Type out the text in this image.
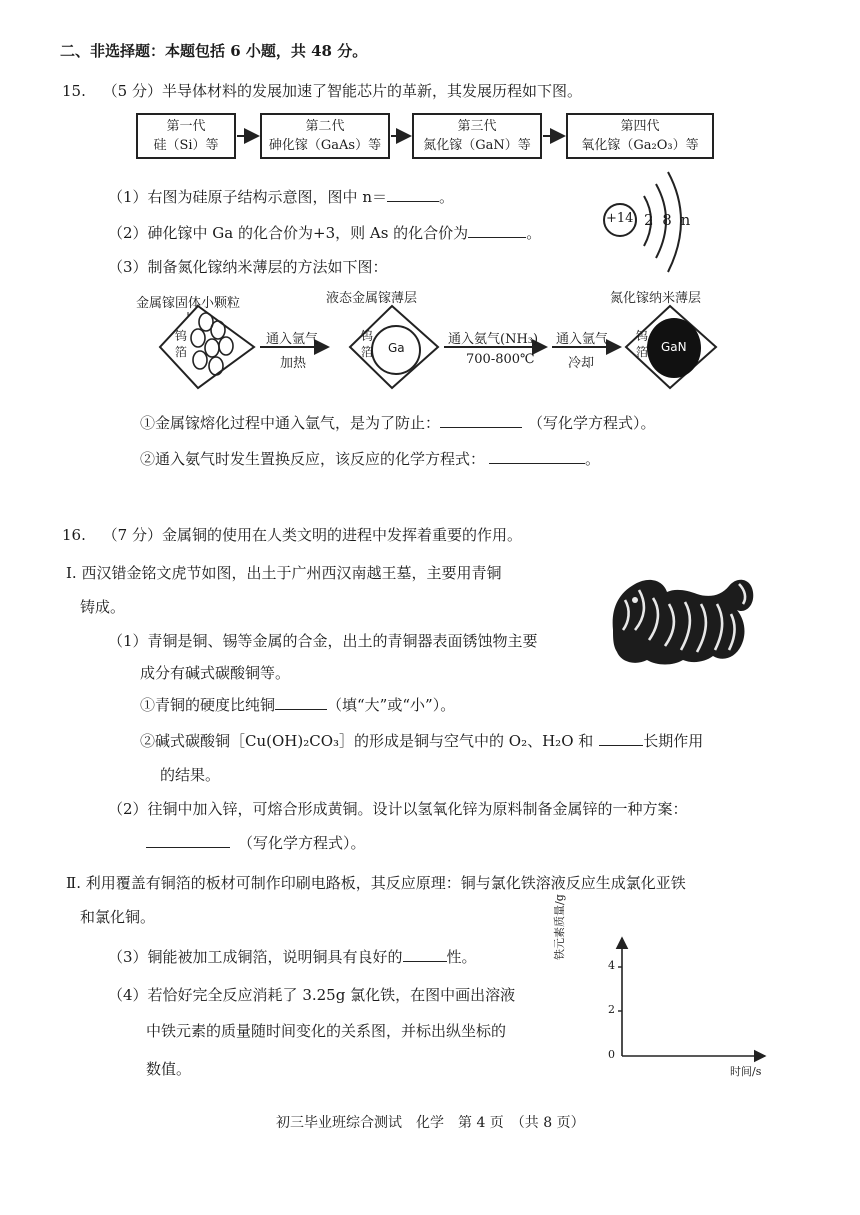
二、非选择题：本题包括 6 小题，共 48 分。
15. （5 分）半导体材料的发展加速了智能芯片的革新，其发展历程如下图。
第一代
硅（Si）等
第二代
砷化镓（GaAs）等
第三代
氮化镓（GaN）等
第四代
氧化镓（Ga₂O₃）等
（1）右图为硅原子结构示意图，图中 n＝	。
（2）砷化镓中 Ga 的化合价为+3，则 As 的化合价为	。
（3）制备氮化镓纳米薄层的方法如下图：
+14 2 8 n
金属镓固体小颗粒	液态金属镓薄层	氮化镓纳米薄层
钨
箔
钨
箔
钨
箔
Ga	GaN
通入氩气
加热
通入氨气(NH₃)
700-800℃
通入氩气
冷却
①金属镓熔化过程中通入氩气，是为了防止：	（写化学方程式）。
②通入氨气时发生置换反应，该反应的化学方程式：	。
16. （7 分）金属铜的使用在人类文明的进程中发挥着重要的作用。
Ⅰ. 西汉错金铭文虎节如图，出土于广州西汉南越王墓，主要用青铜
铸成。
（1）青铜是铜、锡等金属的合金，出土的青铜器表面锈蚀物主要
成分有碱式碳酸铜等。
①青铜的硬度比纯铜	（填“大”或“小”）。
②碱式碳酸铜［Cu(OH)₂CO₃］的形成是铜与空气中的 O₂、H₂O 和	长期作用
的结果。
（2）往铜中加入锌，可熔合形成黄铜。设计以氢氧化锌为原料制备金属锌的一种方案：
（写化学方程式）。
Ⅱ. 利用覆盖有铜箔的板材可制作印刷电路板，其反应原理：铜与氯化铁溶液反应生成氯化亚铁
和氯化铜。
（3）铜能被加工成铜箔，说明铜具有良好的	性。
（4）若恰好完全反应消耗了 3.25g 氯化铁，在图中画出溶液
中铁元素的质量随时间变化的关系图，并标出纵坐标的
数值。
铁元素质量/g
4
2
0
时间/s
初三毕业班综合测试　化学　第 4 页　（共 8 页）
